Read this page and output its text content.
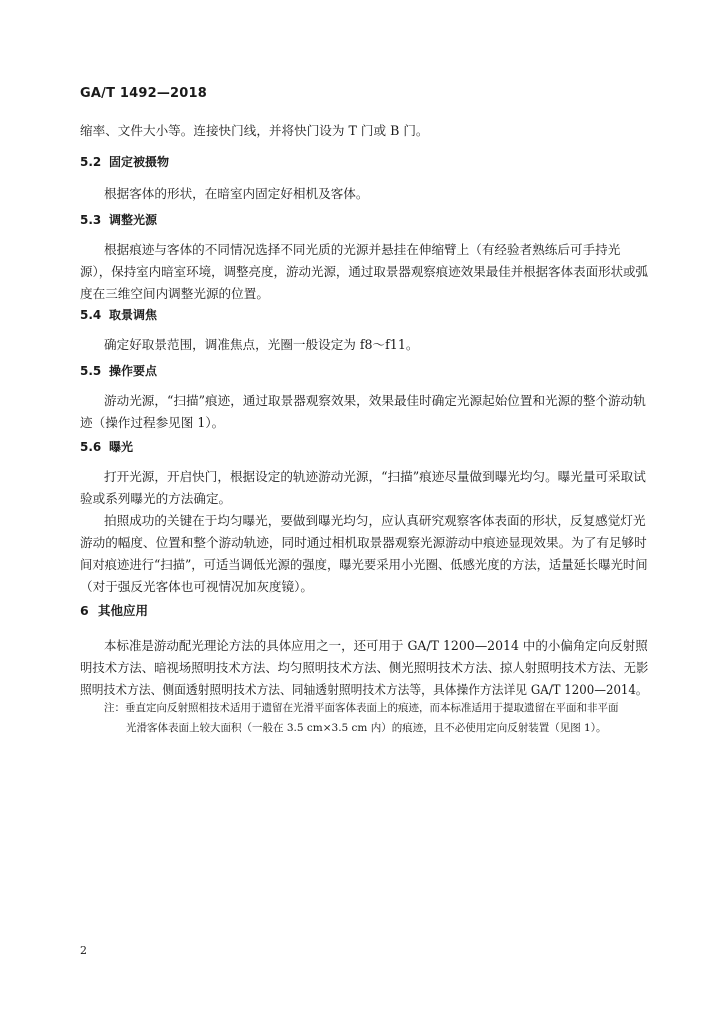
GA/T 1492—2018
缩率、文件大小等。连接快门线，并将快门设为 T 门或 B 门。
5.2 固定被摄物
根据客体的形状，在暗室内固定好相机及客体。
5.3 调整光源
根据痕迹与客体的不同情况选择不同光质的光源并悬挂在伸缩臂上（有经验者熟练后可手持光
源），保持室内暗室环境，调整亮度，游动光源，通过取景器观察痕迹效果最佳并根据客体表面形状或弧
度在三维空间内调整光源的位置。
5.4 取景调焦
确定好取景范围，调准焦点，光圈一般设定为 f8～f11。
5.5 操作要点
游动光源，“扫描”痕迹，通过取景器观察效果，效果最佳时确定光源起始位置和光源的整个游动轨
迹（操作过程参见图 1）。
5.6 曝光
打开光源，开启快门，根据设定的轨迹游动光源，“扫描”痕迹尽量做到曝光均匀。曝光量可采取试
验或系列曝光的方法确定。
拍照成功的关键在于均匀曝光，要做到曝光均匀，应认真研究观察客体表面的形状，反复感觉灯光
游动的幅度、位置和整个游动轨迹，同时通过相机取景器观察光源游动中痕迹显现效果。为了有足够时
间对痕迹进行“扫描”，可适当调低光源的强度，曝光要采用小光圈、低感光度的方法，适量延长曝光时间
（对于强反光客体也可视情况加灰度镜）。
6 其他应用
本标准是游动配光理论方法的具体应用之一，还可用于 GA/T 1200—2014 中的小偏角定向反射照
明技术方法、暗视场照明技术方法、均匀照明技术方法、侧光照明技术方法、掠人射照明技术方法、无影
照明技术方法、侧面透射照明技术方法、同轴透射照明技术方法等，具体操作方法详见 GA/T 1200—2014。
注：垂直定向反射照相技术适用于遗留在光滑平面客体表面上的痕迹，而本标准适用于提取遗留在平面和非平面
光滑客体表面上较大面积（一般在 3.5 cm×3.5 cm 内）的痕迹，且不必使用定向反射装置（见图 1）。
2
